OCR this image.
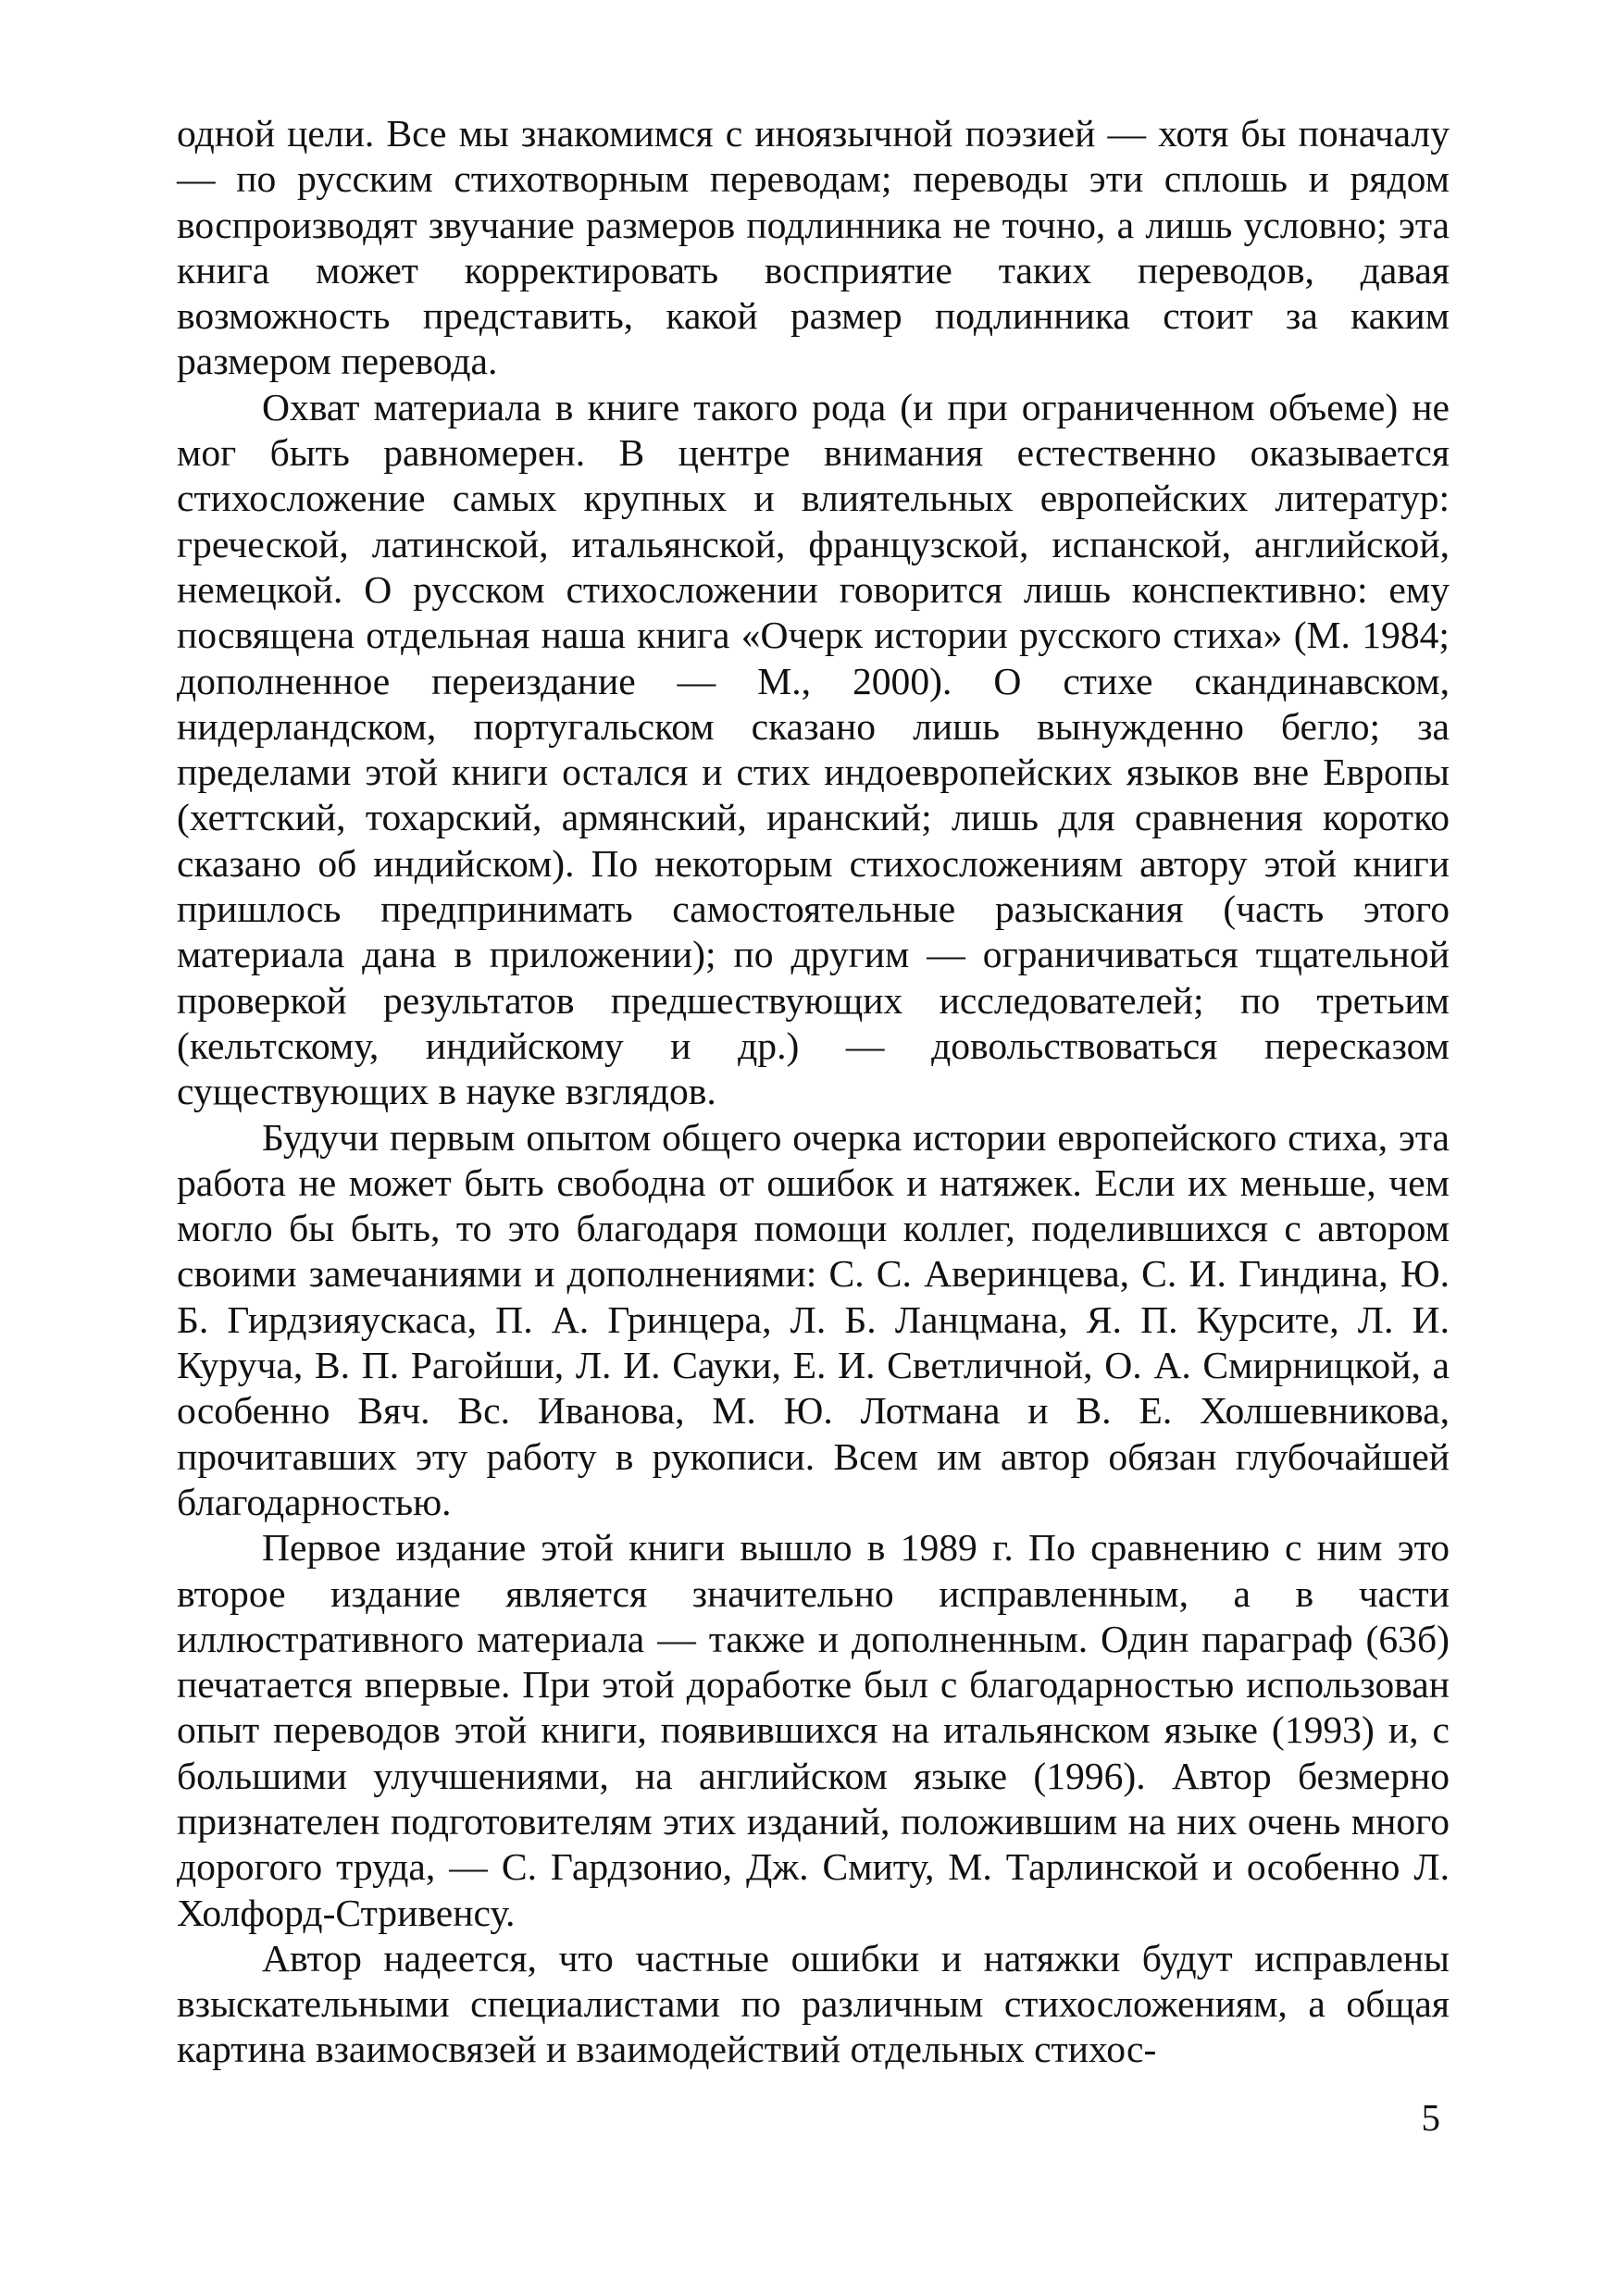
одной цели. Все мы знакомимся с иноязычной поэзией — хотя бы поначалу — по русским стихотворным переводам; переводы эти сплошь и рядом воспроизводят звучание размеров подлинника не точно, а лишь условно; эта книга может корректировать восприятие таких переводов, давая возможность представить, какой размер подлинника стоит за каким размером перевода.

Охват материала в книге такого рода (и при ограниченном объеме) не мог быть равномерен. В центре внимания естественно оказывается стихосложение самых крупных и влиятельных европейских литератур: греческой, латинской, итальянской, французской, испанской, английской, немецкой. О русском стихосложении говорится лишь конспективно: ему посвящена отдельная наша книга «Очерк истории русского стиха» (М. 1984; дополненное переиздание — М., 2000). О стихе скандинавском, нидерландском, португальском сказано лишь вынужденно бегло; за пределами этой книги остался и стих индоевропейских языков вне Европы (хеттский, тохарский, армянский, иранский; лишь для сравнения коротко сказано об индийском). По некоторым стихосложениям автору этой книги пришлось предпринимать самостоятельные разыскания (часть этого материала дана в приложении); по другим — ограничиваться тщательной проверкой результатов предшествующих исследователей; по третьим (кельтскому, индийскому и др.) — довольствоваться пересказом существующих в науке взглядов.

Будучи первым опытом общего очерка истории европейского стиха, эта работа не может быть свободна от ошибок и натяжек. Если их меньше, чем могло бы быть, то это благодаря помощи коллег, поделившихся с автором своими замечаниями и дополнениями: С. С. Аверинцева, С. И. Гиндина, Ю. Б. Гирдзияускаса, П. А. Гринцера, Л. Б. Ланцмана, Я. П. Курсите, Л. И. Куруча, В. П. Рагойши, Л. И. Сауки, Е. И. Светличной, О. А. Смирницкой, а особенно Вяч. Вс. Иванова, М. Ю. Лотмана и В. Е. Холшевникова, прочитавших эту работу в рукописи. Всем им автор обязан глубочайшей благодарностью.

Первое издание этой книги вышло в 1989 г. По сравнению с ним это второе издание является значительно исправленным, а в части иллюстративного материала — также и дополненным. Один параграф (63б) печатается впервые. При этой доработке был с благодарностью использован опыт переводов этой книги, появившихся на итальянском языке (1993) и, с большими улучшениями, на английском языке (1996). Автор безмерно признателен подготовителям этих изданий, положившим на них очень много дорогого труда, — С. Гардзонио, Дж. Смиту, М. Тарлинской и особенно Л. Холфорд-Стривенсу.

Автор надеется, что частные ошибки и натяжки будут исправлены взыскательными специалистами по различным стихосложениям, а общая картина взаимосвязей и взаимодействий отдельных стихос-

5
